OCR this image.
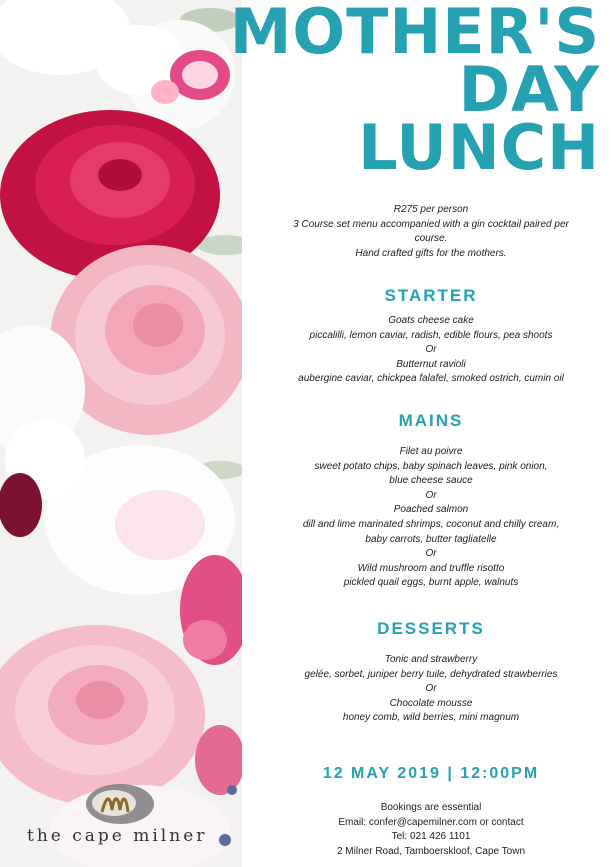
the cape milner
MOTHER'S
DAY
LUNCH
R275 per person
3 Course set menu accompanied with a gin cocktail paired per
course.
Hand crafted gifts for the mothers.
STARTER
Goats cheese cake
piccalilli, lemon caviar, radish, edible flours, pea shoots
Or
Butternut ravioli
aubergine caviar, chickpea falafel, smoked ostrich, cumin oil
MAINS
Filet au poivre
sweet potato chips, baby spinach leaves, pink onion,
blue cheese sauce
Or
Poached salmon
dill and lime marinated shrimps, coconut and chilly cream,
baby carrots, butter tagliatelle
Or
Wild mushroom and truffle risotto
pickled quail eggs, burnt apple, walnuts
DESSERTS
Tonic and strawberry
gelée, sorbet, juniper berry tuile, dehydrated strawberries
Or
Chocolate mousse
honey comb, wild berries, mini magnum
12 MAY 2019 | 12:00PM
Bookings are essential
Email: confer@capemilner.com or contact
Tel: 021 426 1101
2 Milner Road, Tamboerskloof, Cape Town
